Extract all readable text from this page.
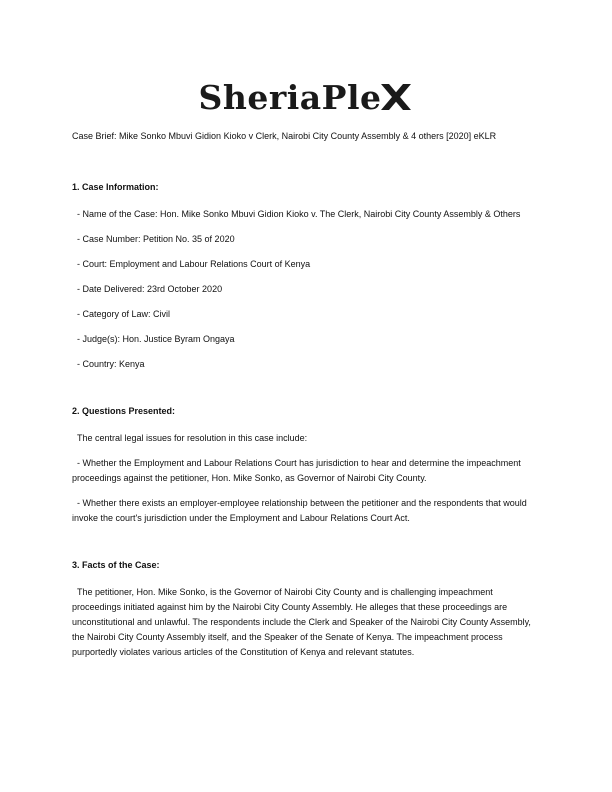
SheriaPle
Case Brief: Mike Sonko Mbuvi Gidion Kioko v Clerk, Nairobi City County Assembly & 4 others [2020] eKLR

1. Case Information:

- Name of the Case: Hon. Mike Sonko Mbuvi Gidion Kioko v. The Clerk, Nairobi City County Assembly & Others

- Case Number: Petition No. 35 of 2020

- Court: Employment and Labour Relations Court of Kenya

- Date Delivered: 23rd October 2020

- Category of Law: Civil

- Judge(s): Hon. Justice Byram Ongaya

- Country: Kenya

2. Questions Presented:

The central legal issues for resolution in this case include:

- Whether the Employment and Labour Relations Court has jurisdiction to hear and determine the impeachment proceedings against the petitioner, Hon. Mike Sonko, as Governor of Nairobi City County.

- Whether there exists an employer-employee relationship between the petitioner and the respondents that would invoke the court's jurisdiction under the Employment and Labour Relations Court Act.

3. Facts of the Case:

The petitioner, Hon. Mike Sonko, is the Governor of Nairobi City County and is challenging impeachment proceedings initiated against him by the Nairobi City County Assembly. He alleges that these proceedings are unconstitutional and unlawful. The respondents include the Clerk and Speaker of the Nairobi City County Assembly, the Nairobi City County Assembly itself, and the Speaker of the Senate of Kenya. The impeachment process purportedly violates various articles of the Constitution of Kenya and relevant statutes.
